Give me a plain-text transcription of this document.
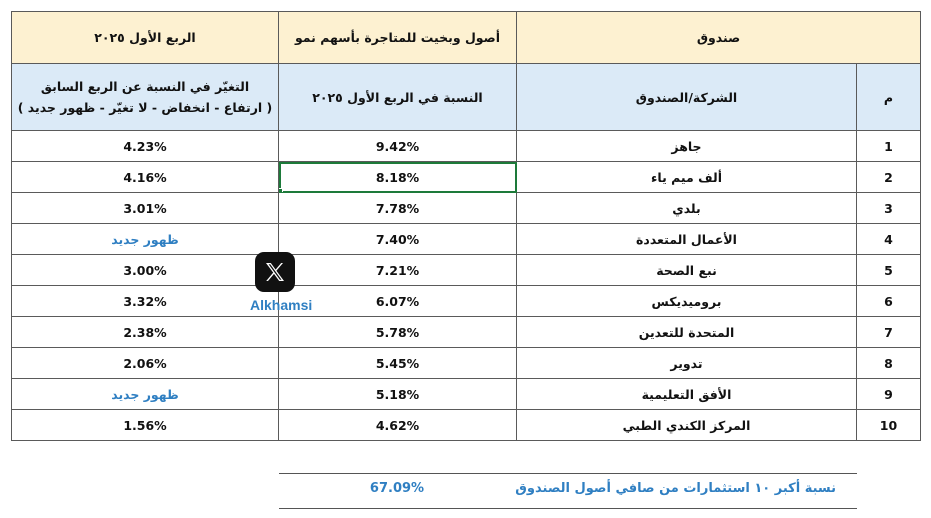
الربع الأول ٢٠٢٥	أصول وبخيت للمتاجرة بأسهم نمو	صندوق	

التغيّر في النسبة عن الربع السابق
( ارتفاع - انخفاض - لا تغيّر - ظهور جديد )	النسبة في الربع الأول ٢٠٢٥	الشركة/الصندوق	م
4.23%	9.42%	جاهز	1
4.16%	8.18%	ألف ميم ياء	2
3.01%	7.78%	بلدي	3
ظهور جديد	7.40%	الأعمال المتعددة	4
3.00%	7.21%	نبع الصحة	5
3.32%	6.07%	بروميديكس	6
2.38%	5.78%	المتحدة للتعدين	7
2.06%	5.45%	تدوير	8
ظهور جديد	5.18%	الأفق التعليمية	9
1.56%	4.62%	المركز الكندي الطبي	10
Alkhamsi
نسبة أكبر ١٠ استثمارات من صافي أصول الصندوق
67.09%
